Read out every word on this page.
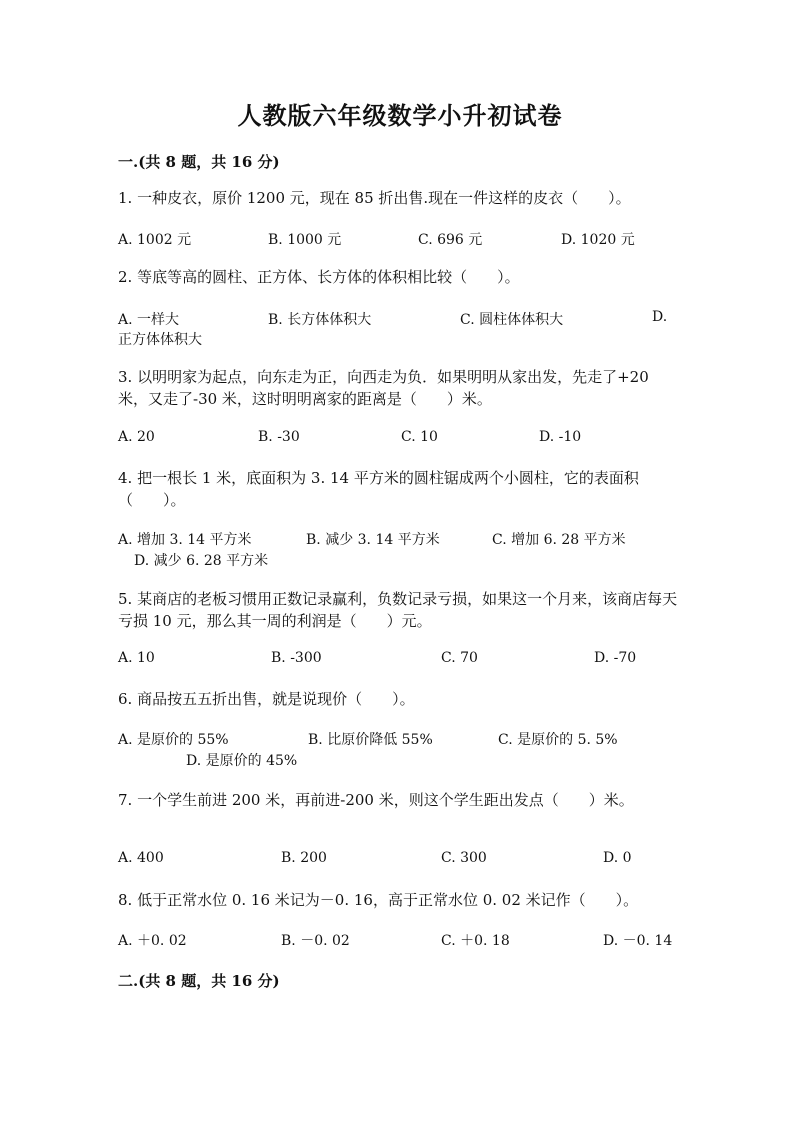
人教版六年级数学小升初试卷
一.(共 8 题，共 16 分)
1. 一种皮衣，原价 1200 元，现在 85 折出售.现在一件这样的皮衣（　　）。
A. 1002 元	B. 1000 元	C. 696 元	D. 1020 元
2. 等底等高的圆柱、正方体、长方体的体积相比较（　　）。
A. 一样大	B. 长方体体积大	C. 圆柱体体积大	D.
正方体体积大
3. 以明明家为起点，向东走为正，向西走为负．如果明明从家出发，先走了+20 米，又走了-30 米，这时明明离家的距离是（　　）米。
A. 20	B. -30	C. 10	D. -10
4. 把一根长 1 米，底面积为 3. 14 平方米的圆柱锯成两个小圆柱，它的表面积（　　）。
A. 增加 3. 14 平方米	B. 减少 3. 14 平方米	C. 增加 6. 28 平方米
D. 减少 6. 28 平方米
5. 某商店的老板习惯用正数记录赢利，负数记录亏损，如果这一个月来，该商店每天亏损 10 元，那么其一周的利润是（　　）元。
A. 10	B. -300	C. 70	D. -70
6. 商品按五五折出售，就是说现价（　　）。
A. 是原价的 55%	B. 比原价降低 55%	C. 是原价的 5. 5%
D. 是原价的 45%
7. 一个学生前进 200 米，再前进-200 米，则这个学生距出发点（　　）米。
A. 400	B. 200	C. 300	D. 0
8. 低于正常水位 0. 16 米记为－0. 16，高于正常水位 0. 02 米记作（　　）。
A. ＋0. 02	B. －0. 02	C. ＋0. 18	D. －0. 14
二.(共 8 题，共 16 分)
